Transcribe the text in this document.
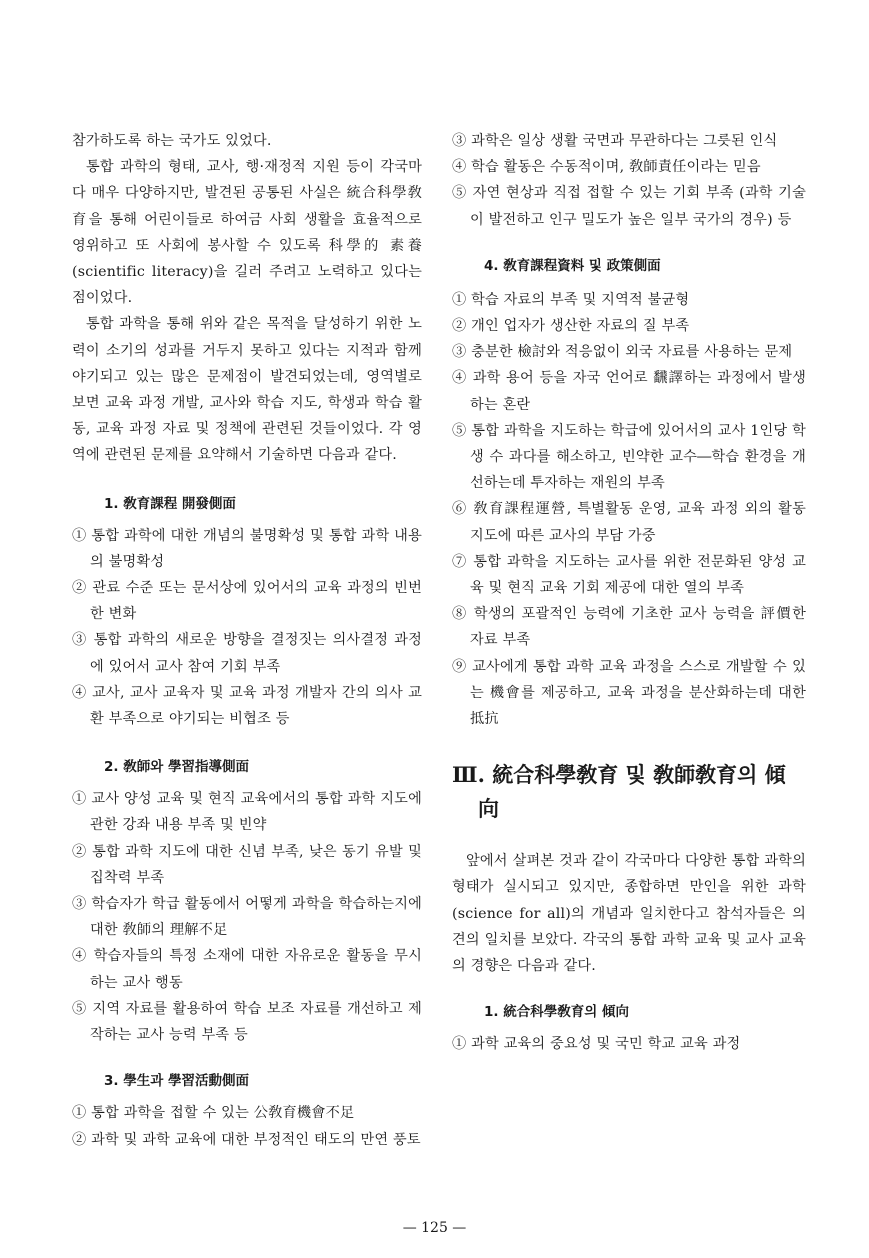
참가하도록 하는 국가도 있었다.

통합 과학의 형태, 교사, 행·재정적 지원 등이 각국마다 매우 다양하지만, 발견된 공통된 사실은 統合科學敎育을 통해 어린이들로 하여금 사회 생활을 효율적으로 영위하고 또 사회에 봉사할 수 있도록 科學的 素養(scientific literacy)을 길러 주려고 노력하고 있다는 점이었다.

통합 과학을 통해 위와 같은 목적을 달성하기 위한 노력이 소기의 성과를 거두지 못하고 있다는 지적과 함께 야기되고 있는 많은 문제점이 발견되었는데, 영역별로 보면 교육 과정 개발, 교사와 학습 지도, 학생과 학습 활동, 교육 과정 자료 및 정책에 관련된 것들이었다. 각 영역에 관련된 문제를 요약해서 기술하면 다음과 같다.

1. 敎育課程 開發側面
① 통합 과학에 대한 개념의 불명확성 및 통합 과학 내용의 불명확성
② 관료 수준 또는 문서상에 있어서의 교육 과정의 빈번한 변화
③ 통합 과학의 새로운 방향을 결정짓는 의사결정 과정에 있어서 교사 참여 기회 부족
④ 교사, 교사 교육자 및 교육 과정 개발자 간의 의사 교환 부족으로 야기되는 비협조 등
2. 敎師와 學習指導側面
① 교사 양성 교육 및 현직 교육에서의 통합 과학 지도에 관한 강좌 내용 부족 및 빈약
② 통합 과학 지도에 대한 신념 부족, 낮은 동기 유발 및 집착력 부족
③ 학습자가 학급 활동에서 어떻게 과학을 학습하는지에 대한 敎師의 理解不足
④ 학습자들의 특정 소재에 대한 자유로운 활동을 무시하는 교사 행동
⑤ 지역 자료를 활용하여 학습 보조 자료를 개선하고 제작하는 교사 능력 부족 등
3. 學生과 學習活動側面
① 통합 과학을 접할 수 있는 公敎育機會不足
② 과학 및 과학 교육에 대한 부정적인 태도의 만연 풍토
③ 과학은 일상 생활 국면과 무관하다는 그릇된 인식
④ 학습 활동은 수동적이며, 敎師責任이라는 믿음
⑤ 자연 현상과 직접 접할 수 있는 기회 부족 (과학 기술이 발전하고 인구 밀도가 높은 일부 국가의 경우) 등
4. 敎育課程資料 및 政策側面
① 학습 자료의 부족 및 지역적 불균형
② 개인 업자가 생산한 자료의 질 부족
③ 충분한 檢討와 적응없이 외국 자료를 사용하는 문제
④ 과학 용어 등을 자국 언어로 飜譯하는 과정에서 발생하는 혼란
⑤ 통합 과학을 지도하는 학급에 있어서의 교사 1인당 학생 수 과다를 해소하고, 빈약한 교수―학습 환경을 개선하는데 투자하는 재원의 부족
⑥ 敎育課程運營, 특별활동 운영, 교육 과정 외의 활동 지도에 따른 교사의 부담 가중
⑦ 통합 과학을 지도하는 교사를 위한 전문화된 양성 교육 및 현직 교육 기회 제공에 대한 열의 부족
⑧ 학생의 포괄적인 능력에 기초한 교사 능력을 評價한 자료 부족
⑨ 교사에게 통합 과학 교육 과정을 스스로 개발할 수 있는 機會를 제공하고, 교육 과정을 분산화하는데 대한 抵抗
Ⅲ. 統合科學敎育 및 敎師敎育의 傾向

앞에서 살펴본 것과 같이 각국마다 다양한 통합 과학의 형태가 실시되고 있지만, 종합하면 만인을 위한 과학(science for all)의 개념과 일치한다고 참석자들은 의견의 일치를 보았다. 각국의 통합 과학 교육 및 교사 교육의 경향은 다음과 같다.

1. 統合科學敎育의 傾向
① 과학 교육의 중요성 및 국민 학교 교육 과정
— 125 —
